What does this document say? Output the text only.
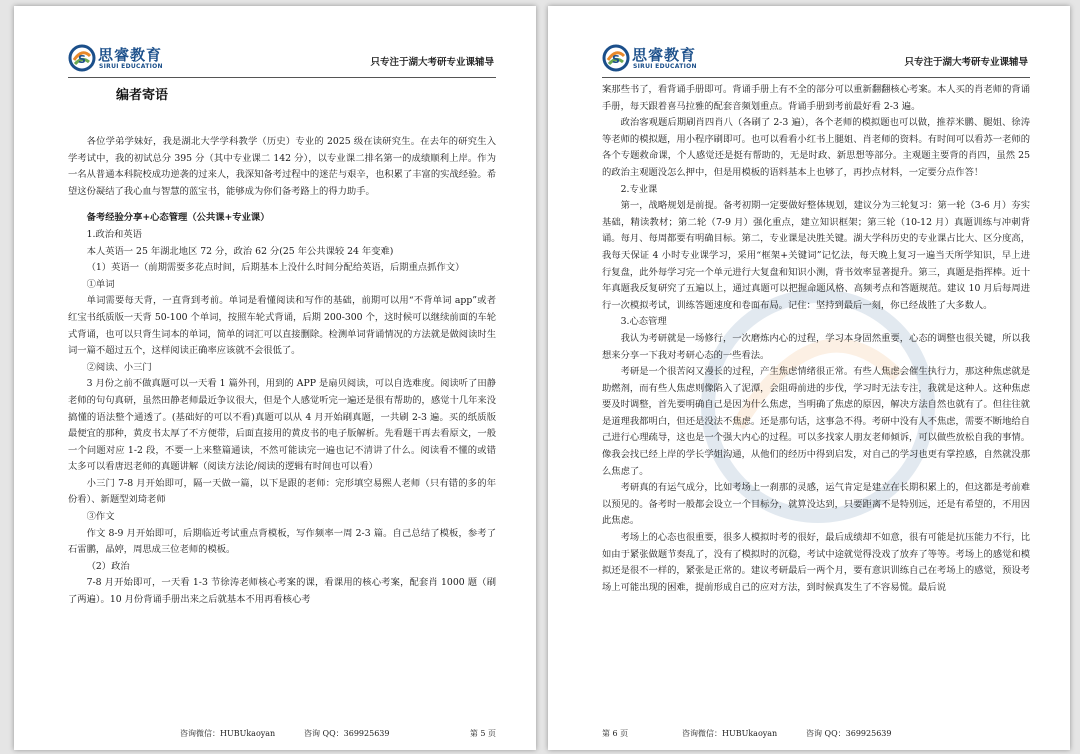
S 思睿教育
SIRUI EDUCATION	只专注于湖大考研专业课辅导
编者寄语

各位学弟学妹好，我是湖北大学学科教学（历史）专业的 2025 级在读研究生。在去年的研究生入学考试中，我的初试总分 395 分（其中专业课二 142 分），以专业课二排名第一的成绩顺利上岸。作为一名从普通本科院校成功逆袭的过来人，我深知备考过程中的迷茫与艰辛，也积累了丰富的实战经验。希望这份凝结了我心血与智慧的蓝宝书，能够成为你们备考路上的得力助手。

备考经验分享+心态管理（公共课+专业课）

1.政治和英语

本人英语一 25 年湖北地区 72 分，政治 62 分(25 年公共课较 24 年变难)

（1）英语一（前期需要多花点时间，后期基本上没什么时间分配给英语，后期重点抓作文）

①单词

单词需要每天背，一直背到考前。单词是看懂阅读和写作的基础，前期可以用“不背单词 app”或者红宝书纸质版一天背 50-100 个单词，按照车轮式背诵，后期 200-300 个，这时候可以继续前面的车轮式背诵，也可以只背生词本的单词，简单的词汇可以直接删除。检测单词背诵情况的方法就是做阅读时生词一篇不超过五个，这样阅读正确率应该就不会很低了。

②阅读、小三门

3 月份之前不做真题可以一天看 1 篇外刊，用到的 APP 是扇贝阅读，可以自选难度。阅读听了田静老师的句句真研，虽然田静老师最近争议很大，但是个人感觉听完一遍还是很有帮助的，感觉十几年来没搞懂的语法整个通透了。(基础好的可以不看)真题可以从 4 月开始刷真题，一共刷 2-3 遍。买的纸质版最便宜的那种，黄皮书太厚了不方便带，后面直接用的黄皮书的电子版解析。先看题干再去看原文，一般一个问题对应 1-2 段，不要一上来整篇通读，不然可能读完一遍也记不清讲了什么。阅读看不懂的或错太多可以看唐迟老师的真题讲解（阅读方法论/阅读的逻辑有时间也可以看）

小三门 7-8 月开始即可，隔一天做一篇，以下是跟的老师：完形填空易熙人老师（只有错的多的年份看）、新题型刘琦老师

③作文

作文 8-9 月开始即可，后期临近考试重点背模板，写作频率一周 2-3 篇。自己总结了模板，参考了石雷鹏，晶婷，周思成三位老师的模板。

（2）政治

7-8 月开始即可，一天看 1-3 节徐涛老师核心考案的课，看课用的核心考案，配套肖 1000 题（刷了两遍）。10 月份背诵手册出来之后就基本不用再看核心考

咨询微信：HUBUkaoyan	咨询 QQ：369925639	第 5 页
S 思睿教育
SIRUI EDUCATION	只专注于湖大考研专业课辅导

案那些书了，看背诵手册即可。背诵手册上有不全的部分可以重新翻翻核心考案。本人买的肖老师的背诵手册，每天跟着喜马拉雅的配套音频划重点。背诵手册到考前最好看 2-3 遍。

政治客观题后期刷肖四肖八（各刷了 2-3 遍），各个老师的模拟题也可以做，推荐米鹏、腿姐、徐涛等老师的模拟题，用小程序刷即可。也可以看看小红书上腿姐、肖老师的资料。有时间可以看苏一老师的各个专题救命课，个人感觉还是挺有帮助的，无是时政、新思想等部分。主观题主要背的肖四，虽然 25 的政治主观题没怎么押中，但是用模板的语料基本上也够了，再抄点材料，一定要分点作答！

2.专业课

第一，战略规划是前提。备考初期一定要做好整体规划，建议分为三轮复习：第一轮（3-6 月）夯实基础，精读教材；第二轮（7-9 月）强化重点，建立知识框架；第三轮（10-12 月）真题训练与冲刺背诵。每月、每周都要有明确目标。第二，专业课是决胜关键。湖大学科历史的专业课占比大、区分度高，我每天保证 4 小时专业课学习，采用“框架+关键词”记忆法，每天晚上复习一遍当天所学知识，早上进行复盘，此外每学习完一个单元进行大复盘和知识小测，背书效率显著提升。第三，真题是指挥棒。近十年真题我反复研究了五遍以上，通过真题可以把握命题风格、高频考点和答题规范。建议 10 月后每周进行一次模拟考试，训练答题速度和卷面布局。记住：坚持到最后一刻，你已经战胜了大多数人。

3.心态管理

我认为考研就是一场修行，一次磨炼内心的过程，学习本身固然重要，心态的调整也很关键，所以我想来分享一下我对考研心态的一些看法。

考研是一个很苦闷又漫长的过程，产生焦虑情绪很正常。有些人焦虑会催生执行力，那这种焦虑就是助燃剂，而有些人焦虑则像陷入了泥潭，会阻碍前进的步伐，学习时无法专注，我就是这种人。这种焦虑要及时调整，首先要明确自己是因为什么焦虑，当明确了焦虑的原因，解决方法自然也就有了。但往往就是道理我都明白，但还是没法不焦虑。还是那句话，这事急不得。考研中没有人不焦虑，需要不断地给自己进行心理疏导，这也是一个强大内心的过程。可以多找家人朋友老师倾诉，可以做些放松自我的事情。像我会找已经上岸的学长学姐沟通，从他们的经历中得到启发，对自己的学习也更有掌控感，自然就没那么焦虑了。

考研真的有运气成分，比如考场上一刹那的灵感，运气肯定是建立在长期积累上的，但这都是考前难以预见的。备考时一般都会设立一个目标分，就算没达到，只要距离不是特别远，还是有希望的，不用因此焦虑。

考场上的心态也很重要，很多人模拟时考的很好，最后成绩却不如意，很有可能是抗压能力不行，比如由于紧张做题节奏乱了，没有了模拟时的沉稳，考试中途就觉得没戏了放弃了等等。考场上的感觉和模拟还是很不一样的，紧张是正常的。建议考研最后一两个月，要有意识训练自己在考场上的感觉，预设考场上可能出现的困难，提前形成自己的应对方法，到时候真发生了不容易慌。最后说

第 6 页	咨询微信：HUBUkaoyan	咨询 QQ：369925639
